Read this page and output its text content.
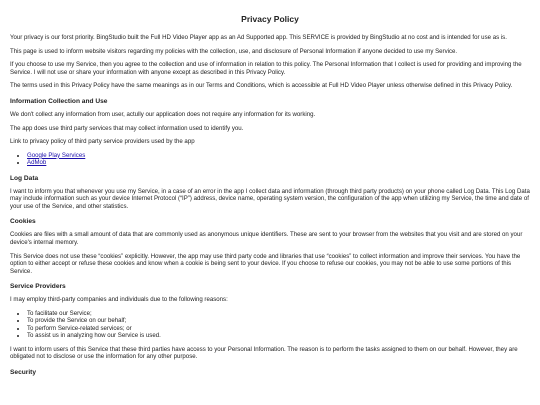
Privacy Policy

Your privacy is our forst priority. BingStudio built the Full HD Video Player app as an Ad Supported app. This SERVICE is provided by BingStudio at no cost and is intended for use as is.

This page is used to inform website visitors regarding my policies with the collection, use, and disclosure of Personal Information if anyone decided to use my Service.

If you choose to use my Service, then you agree to the collection and use of information in relation to this policy. The Personal Information that I collect is used for providing and improving the Service. I will not use or share your information with anyone except as described in this Privacy Policy.

The terms used in this Privacy Policy have the same meanings as in our Terms and Conditions, which is accessible at Full HD Video Player unless otherwise defined in this Privacy Policy.

Information Collection and Use

We don't collect any information from user, actully our application does not require any information for its working.

The app does use third party services that may collect information used to identify you.

Link to privacy policy of third party service providers used by the app

• Google Play Services
• AdMob
Log Data

I want to inform you that whenever you use my Service, in a case of an error in the app I collect data and information (through third party products) on your phone called Log Data. This Log Data may include information such as your device Internet Protocol (“IP”) address, device name, operating system version, the configuration of the app when utilizing my Service, the time and date of your use of the Service, and other statistics.

Cookies

Cookies are files with a small amount of data that are commonly used as anonymous unique identifiers. These are sent to your browser from the websites that you visit and are stored on your device's internal memory.

This Service does not use these “cookies” explicitly. However, the app may use third party code and libraries that use “cookies” to collect information and improve their services. You have the option to either accept or refuse these cookies and know when a cookie is being sent to your device. If you choose to refuse our cookies, you may not be able to use some portions of this Service.

Service Providers

I may employ third-party companies and individuals due to the following reasons:

• To facilitate our Service;
• To provide the Service on our behalf;
• To perform Service-related services; or
• To assist us in analyzing how our Service is used.

I want to inform users of this Service that these third parties have access to your Personal Information. The reason is to perform the tasks assigned to them on our behalf. However, they are obligated not to disclose or use the information for any other purpose.

Security
